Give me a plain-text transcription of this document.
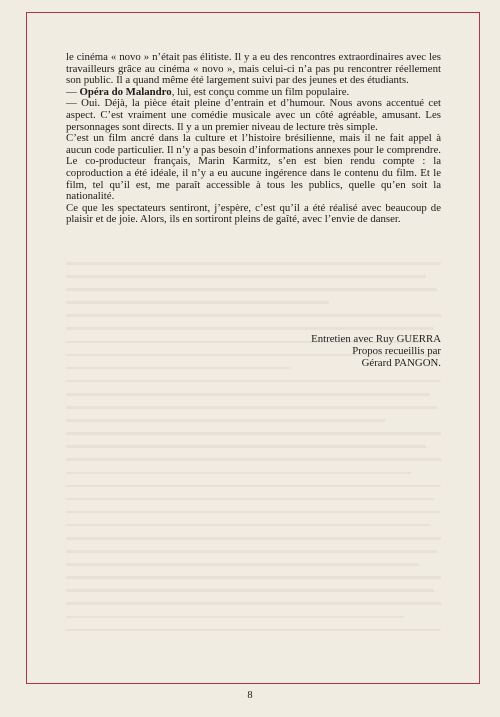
le cinéma « novo » n’était pas élitiste. Il y a eu des rencontres extraordinaires avec les travailleurs grâce au cinéma « novo », mais celui-ci n’a pas pu rencontrer réellement son public. Il a quand même été largement suivi par des jeunes et des étudiants.

— Opéra do Malandro, lui, est conçu comme un film populaire.

— Oui. Déjà, la pièce était pleine d’entrain et d’humour. Nous avons accentué cet aspect. C’est vraiment une comédie musicale avec un côté agréable, amusant. Les personnages sont directs. Il y a un premier niveau de lecture très simple.

C’est un film ancré dans la culture et l’histoire brésilienne, mais il ne fait appel à aucun code particulier. Il n’y a pas besoin d’informations annexes pour le comprendre. Le co-producteur français, Marin Karmitz, s’en est bien rendu compte : la coproduction a été idéale, il n’y a eu aucune ingérence dans le contenu du film. Et le film, tel qu’il est, me paraît accessible à tous les publics, quelle qu’en soit la nationalité.

Ce que les spectateurs sentiront, j’espère, c’est qu’il a été réalisé avec beaucoup de plaisir et de joie. Alors, ils en sortiront pleins de gaîté, avec l’envie de danser.

Entretien avec Ruy GUERRA

Propos recueillis par

Gérard PANGON.

8
